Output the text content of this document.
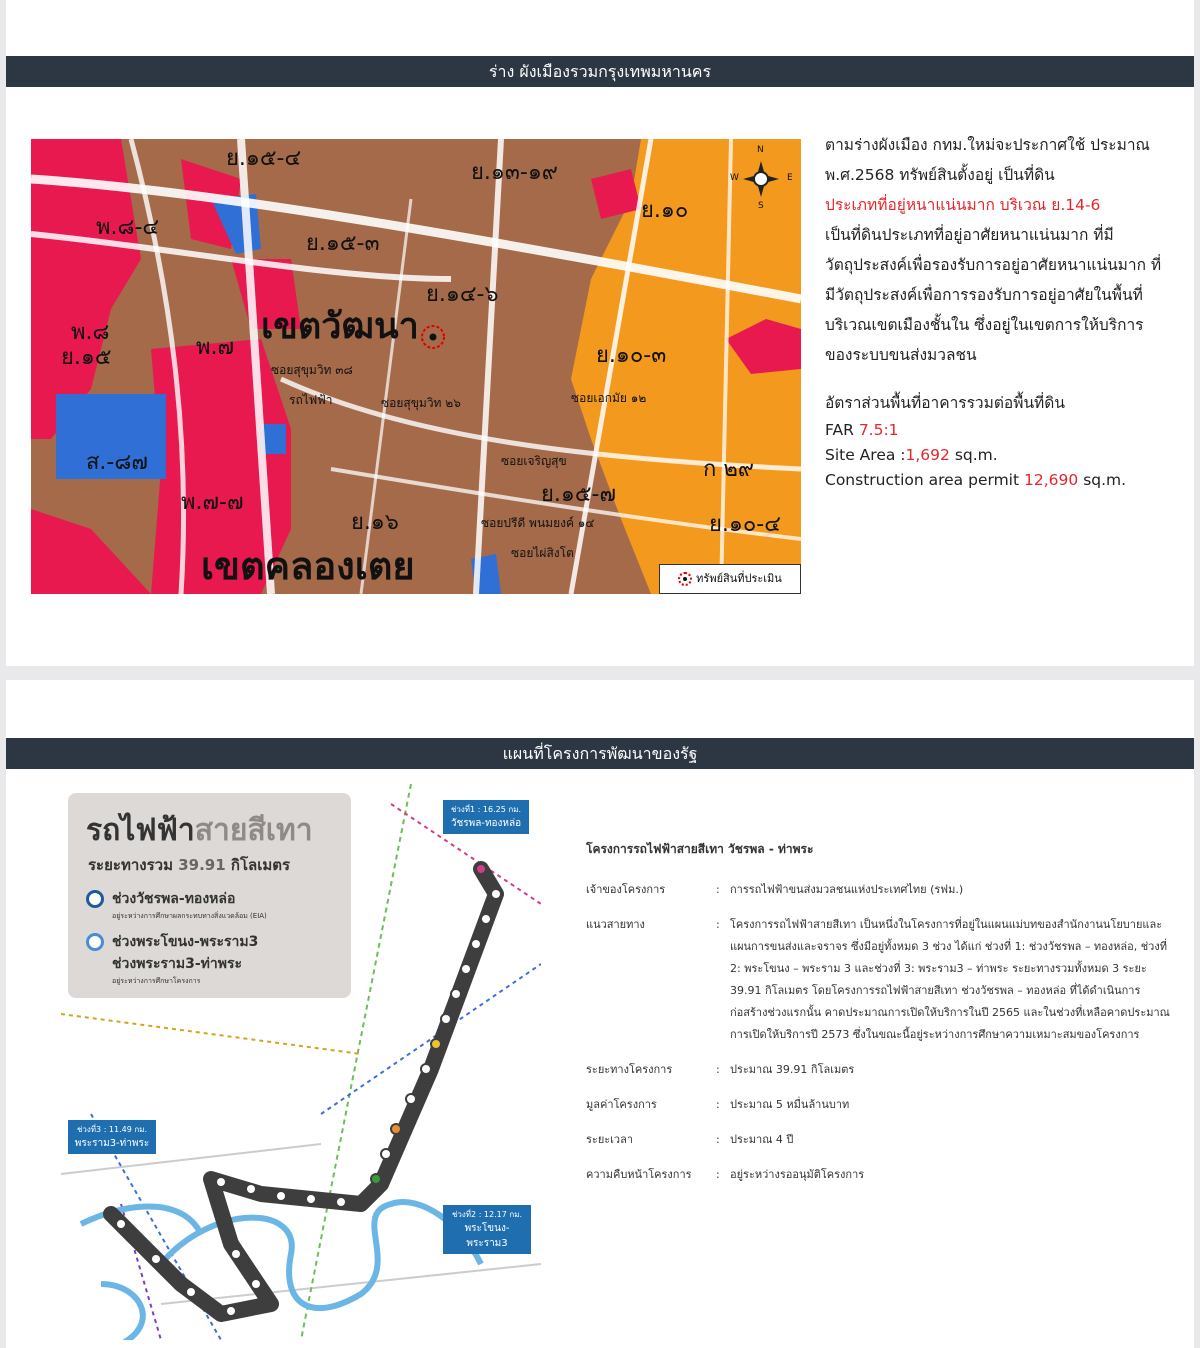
ร่าง ผังเมืองรวมกรุงเทพมหานคร
เขตวัฒนา
เขตคลองเตย
ย.๑๕-๔
ย.๑๓-๑๙
ย.๑๕-๓
ย.๑๔-๖
ย.๑๐-๓
ย.๑๕-๗
ย.๑๐-๔
ย.๑๐
พ.๘-๔
พ.๘
พ.๗
พ.๗-๗
ส.-๘๗
ย.๑๕
ก ๒๙
ย.๑๖
ซอยสุขุมวิท ๒๖
ซอยเจริญสุข
ซอยเอกมัย ๑๒
ซอยปรีดี พนมยงค์ ๑๔
ซอยไผ่สิงโต
รถไฟฟ้า
ซอยสุขุมวิท ๓๘
N
E
W
S
ทรัพย์สินที่ประเมิน

ตามร่างผังเมือง กทม.ใหม่จะประกาศใช้ ประมาณ พ.ศ.2568 ทรัพย์สินตั้งอยู่ เป็นที่ดิน
ประเภทที่อยู่หนาแน่นมาก บริเวณ ย.14-6
เป็นที่ดินประเภทที่อยู่อาศัยหนาแน่นมาก ที่มีวัตถุประสงค์เพื่อรองรับการอยู่อาศัยหนาแน่นมาก ที่มีวัตถุประสงค์เพื่อการรองรับการอยู่อาศัยในพื้นที่บริเวณเขตเมืองชั้นใน ซึ่งอยู่ในเขตการให้บริการของระบบขนส่งมวลชน

อัตราส่วนพื้นที่อาคารรวมต่อพื้นที่ดิน

FAR 7.5:1

Site Area :1,692 sq.m.

Construction area permit 12,690 sq.m.

แผนที่โครงการพัฒนาของรัฐ
รถไฟฟ้าสายสีเทา
ระยะทางรวม 39.91 กิโลเมตร
ช่วงวัชรพล-ทองหล่อ
อยู่ระหว่างการศึกษาผลกระทบทางสิ่งแวดล้อม (EIA)
ช่วงพระโขนง-พระราม3
ช่วงพระราม3-ท่าพระ
อยู่ระหว่างการศึกษาโครงการ
ช่วงที่1 : 16.25 กม.
วัชรพล-ทองหล่อ
ช่วงที่2 : 12.17 กม.
พระโขนง-พระราม3
ช่วงที่3 : 11.49 กม.
พระราม3-ท่าพระ
โครงการรถไฟฟ้าสายสีเทา วัชรพล - ท่าพระ
เจ้าของโครงการ	: การรถไฟฟ้าขนส่งมวลชนแห่งประเทศไทย (รฟม.)
แนวสายทาง	: โครงการรถไฟฟ้าสายสีเทา เป็นหนึ่งในโครงการที่อยู่ในแผนแม่บทของสำนักงานนโยบายและแผนการขนส่งและจราจร ซึ่งมีอยู่ทั้งหมด 3 ช่วง ได้แก่ ช่วงที่ 1: ช่วงวัชรพล – ทองหล่อ, ช่วงที่ 2: พระโขนง – พระราม 3 และช่วงที่ 3: พระราม3 – ท่าพระ ระยะทางรวมทั้งหมด 3 ระยะ 39.91 กิโลเมตร โดยโครงการรถไฟฟ้าสายสีเทา ช่วงวัชรพล – ทองหล่อ ที่ได้ดำเนินการก่อสร้างช่วงแรกนั้น คาดประมาณการเปิดให้บริการในปี 2565 และในช่วงที่เหลือคาดประมาณการเปิดให้บริการปี 2573 ซึ่งในขณะนี้อยู่ระหว่างการศึกษาความเหมาะสมของโครงการ
ระยะทางโครงการ	: ประมาณ 39.91 กิโลเมตร
มูลค่าโครงการ	: ประมาณ 5 หมื่นล้านบาท
ระยะเวลา	: ประมาณ 4 ปี
ความคืบหน้าโครงการ	: อยู่ระหว่างรออนุมัติโครงการ
